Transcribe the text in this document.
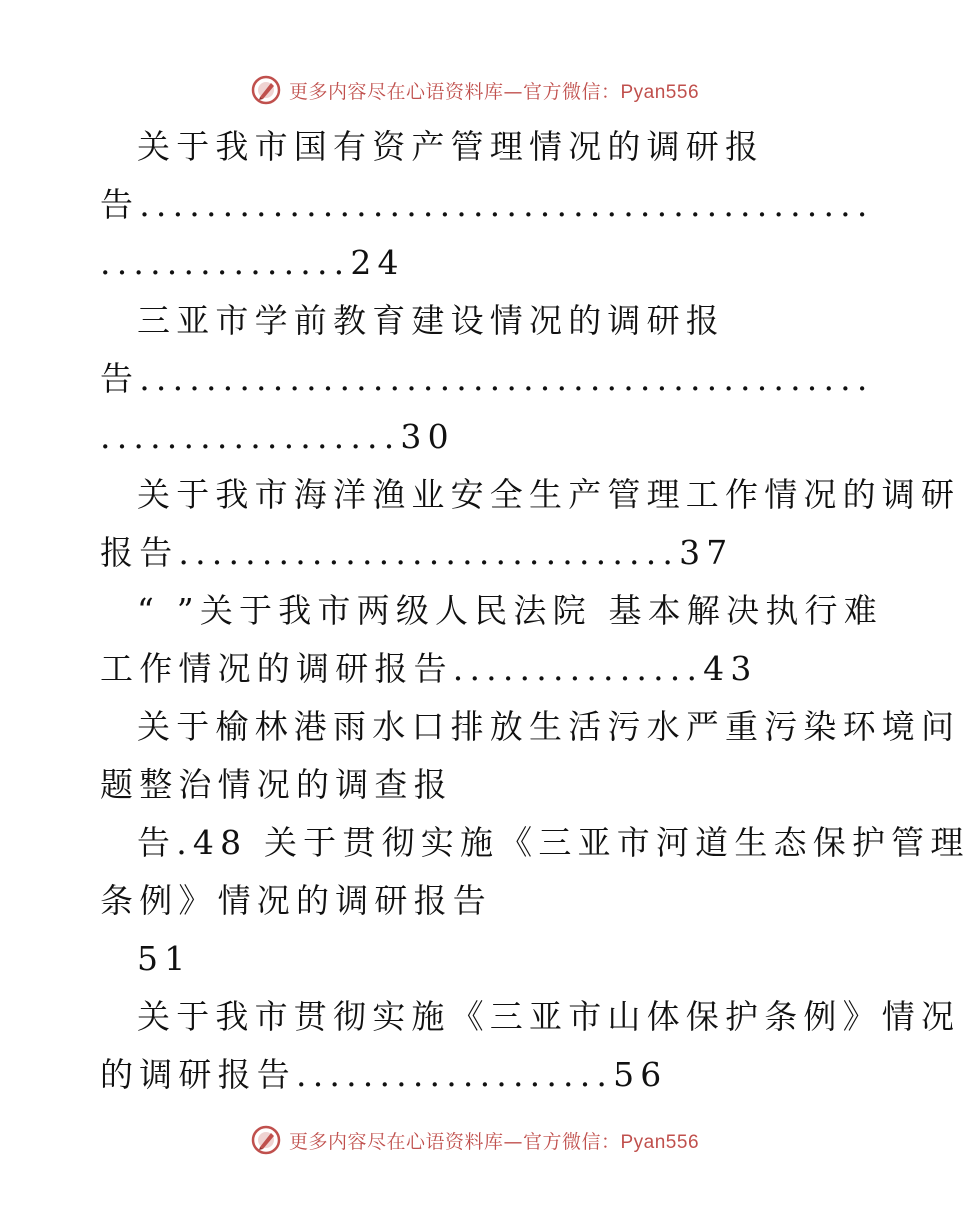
更多内容尽在心语资料库—官方微信：Pyan556
关于我市国有资产管理情况的调研报
告............................................
...............24
三亚市学前教育建设情况的调研报
告............................................
..................30
关于我市海洋渔业安全生产管理工作情况的调研
报告..............................37
“ ”关于我市两级人民法院 基本解决执行难
工作情况的调研报告...............43
关于榆林港雨水口排放生活污水严重污染环境问
题整治情况的调查报
告.48 关于贯彻实施《三亚市河道生态保护管理
条例》情况的调研报告
51
关于我市贯彻实施《三亚市山体保护条例》情况
的调研报告...................56
更多内容尽在心语资料库—官方微信：Pyan556
